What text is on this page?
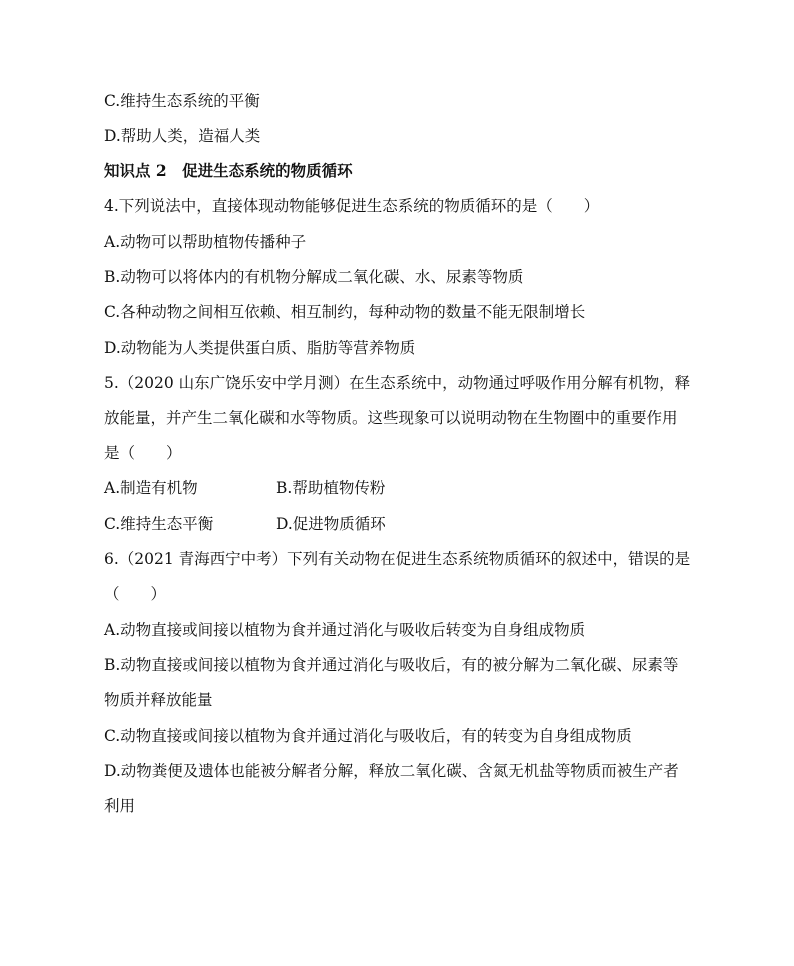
C.维持生态系统的平衡
D.帮助人类，造福人类
知识点 2　促进生态系统的物质循环
4.下列说法中，直接体现动物能够促进生态系统的物质循环的是（　　）
A.动物可以帮助植物传播种子
B.动物可以将体内的有机物分解成二氧化碳、水、尿素等物质
C.各种动物之间相互依赖、相互制约，每种动物的数量不能无限制增长
D.动物能为人类提供蛋白质、脂肪等营养物质
5.（2020 山东广饶乐安中学月测）在生态系统中，动物通过呼吸作用分解有机物，释
放能量，并产生二氧化碳和水等物质。这些现象可以说明动物在生物圈中的重要作用
是（　　）
A.制造有机物	B.帮助植物传粉
C.维持生态平衡	D.促进物质循环
6.（2021 青海西宁中考）下列有关动物在促进生态系统物质循环的叙述中，错误的是
（　　）
A.动物直接或间接以植物为食并通过消化与吸收后转变为自身组成物质
B.动物直接或间接以植物为食并通过消化与吸收后，有的被分解为二氧化碳、尿素等
物质并释放能量
C.动物直接或间接以植物为食并通过消化与吸收后，有的转变为自身组成物质
D.动物粪便及遗体也能被分解者分解，释放二氧化碳、含氮无机盐等物质而被生产者
利用
